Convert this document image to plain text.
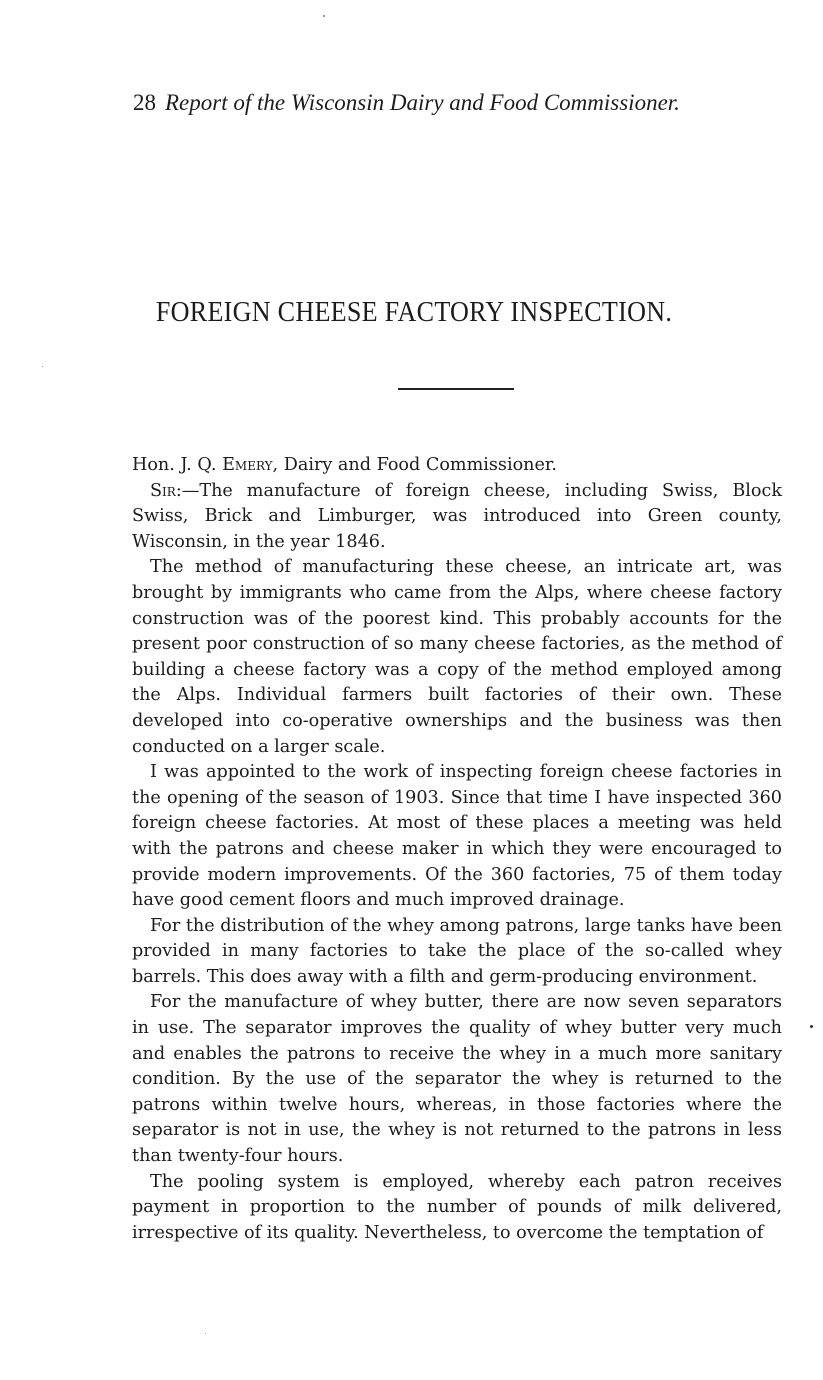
28 Report of the Wisconsin Dairy and Food Commissioner.
FOREIGN CHEESE FACTORY INSPECTION.

Hon. J. Q. Emery, Dairy and Food Commissioner.

Sir:—The manufacture of foreign cheese, including Swiss, Block Swiss, Brick and Limburger, was introduced into Green county, Wisconsin, in the year 1846.

The method of manufacturing these cheese, an intricate art, was brought by immigrants who came from the Alps, where cheese factory construction was of the poorest kind. This probably accounts for the present poor construction of so many cheese factories, as the method of building a cheese factory was a copy of the method employed among the Alps. Individual farmers built factories of their own. These developed into co-operative ownerships and the business was then conducted on a larger scale.

I was appointed to the work of inspecting foreign cheese factories in the opening of the season of 1903. Since that time I have inspected 360 foreign cheese factories. At most of these places a meeting was held with the patrons and cheese maker in which they were encouraged to provide modern improvements. Of the 360 factories, 75 of them today have good cement floors and much improved drainage.

For the distribution of the whey among patrons, large tanks have been provided in many factories to take the place of the so-called whey barrels. This does away with a filth and germ-producing environment.

For the manufacture of whey butter, there are now seven separators in use. The separator improves the quality of whey butter very much and enables the patrons to receive the whey in a much more sanitary condition. By the use of the separator the whey is returned to the patrons within twelve hours, whereas, in those factories where the separator is not in use, the whey is not returned to the patrons in less than twenty-four hours.

The pooling system is employed, whereby each patron receives payment in proportion to the number of pounds of milk delivered, irrespective of its quality. Nevertheless, to overcome the temptation of
